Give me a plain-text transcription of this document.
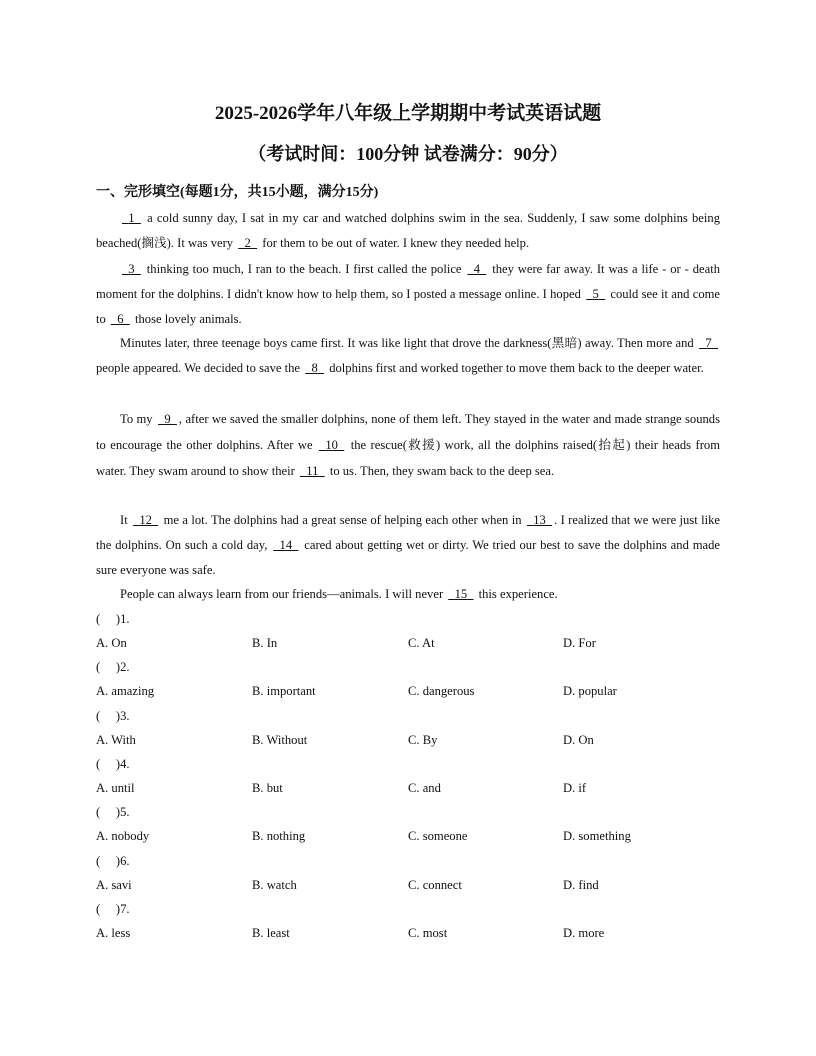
2025-2026学年八年级上学期期中考试英语试题
（考试时间：100分钟 试卷满分：90分）
一、完形填空(每题1分，共15小题，满分15分)
1   a cold sunny day, I sat in my car and watched dolphins swim in the sea. Suddenly, I saw some dolphins being beached(搁浅). It was very   2   for them to be out of water. I knew they needed help.
3   thinking too much, I ran to the beach. I first called the police   4   they were far away. It was a life - or - death moment for the dolphins. I didn't know how to help them, so I posted a message online. I hoped   5   could see it and come to   6   those lovely animals.
Minutes later, three teenage boys came first. It was like light that drove the darkness(黑暗) away. Then more and   7   people appeared. We decided to save the   8   dolphins first and worked together to move them back to the deeper water.
To my   9 , after we saved the smaller dolphins, none of them left. They stayed in the water and made strange sounds to encourage the other dolphins. After we   10   the rescue(救援) work, all the dolphins raised(抬起) their heads from water. They swam around to show their   11   to us. Then, they swam back to the deep sea.
It   12   me a lot. The dolphins had a great sense of helping each other when in   13 . I realized that we were just like the dolphins. On such a cold day,   14   cared about getting wet or dirty. We tried our best to save the dolphins and made sure everyone was safe.
People can always learn from our friends—animals. I will never   15   this experience.
(     )1.
A. On	B. In	C. At	D. For
(     )2.
A. amazing	B. important	C. dangerous	D. popular
(     )3.
A. With	B. Without	C. By	D. On
(     )4.
A. until	B. but	C. and	D. if
(     )5.
A. nobody	B. nothing	C. someone	D. something
(     )6.
A. savi	B. watch	C. connect	D. find
(     )7.
A. less	B. least	C. most	D. more
